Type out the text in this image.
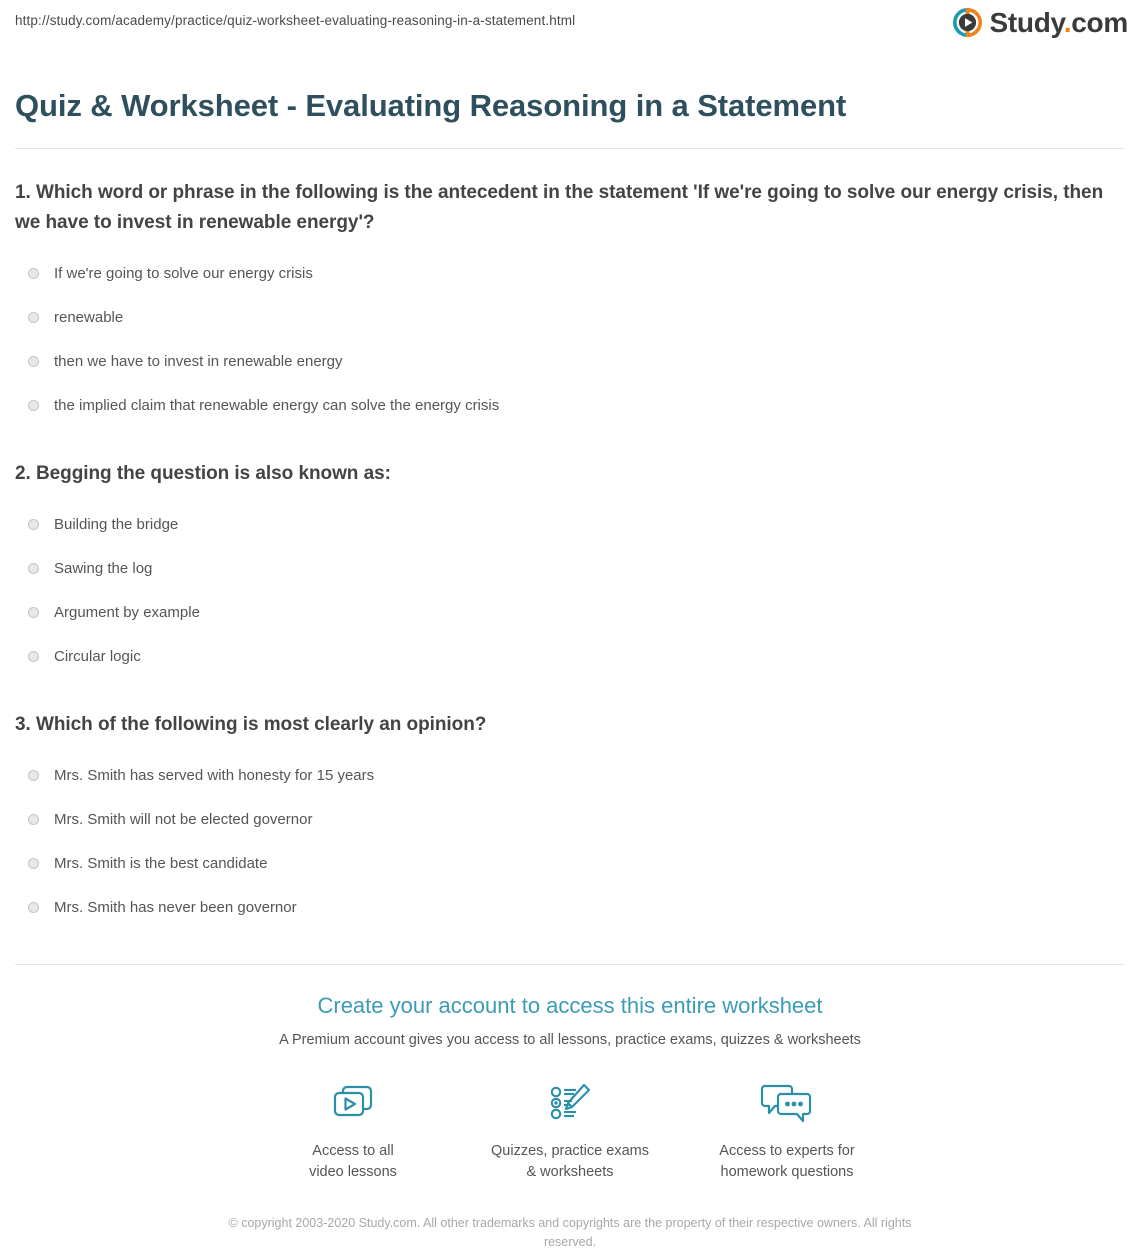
http://study.com/academy/practice/quiz-worksheet-evaluating-reasoning-in-a-statement.html	Study.com
Quiz & Worksheet - Evaluating Reasoning in a Statement
1. Which word or phrase in the following is the antecedent in the statement 'If we're going to solve our energy crisis, then we have to invest in renewable energy'?
If we're going to solve our energy crisis
renewable
then we have to invest in renewable energy
the implied claim that renewable energy can solve the energy crisis
2. Begging the question is also known as:
Building the bridge
Sawing the log
Argument by example
Circular logic
3. Which of the following is most clearly an opinion?
Mrs. Smith has served with honesty for 15 years
Mrs. Smith will not be elected governor
Mrs. Smith is the best candidate
Mrs. Smith has never been governor
Create your account to access this entire worksheet
A Premium account gives you access to all lessons, practice exams, quizzes & worksheets
Access to all
video lessons
Quizzes, practice exams
& worksheets
Access to experts for
homework questions
© copyright 2003-2020 Study.com. All other trademarks and copyrights are the property of their respective owners. All rights reserved.
